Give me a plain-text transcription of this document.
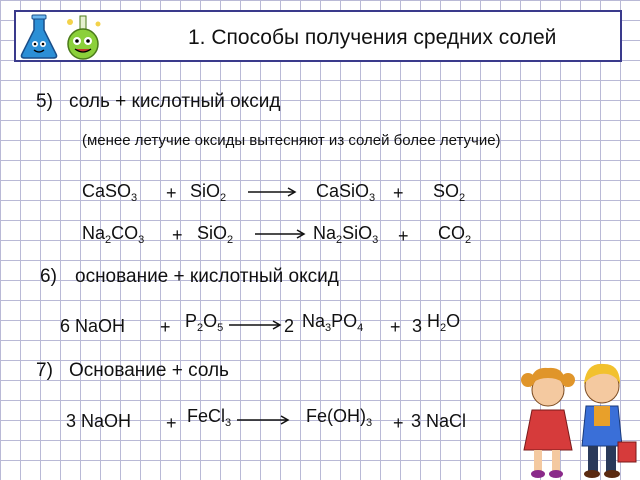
1. Способы получения средних солей
5) соль + кислотный оксид
(менее летучие оксиды вытесняют из солей более летучие)
CaSO$_3$ + SiO$_2$ → CaSiO$_3$ + $SO_2$
$Na_2CO_3 + SiO_2 \to Na_2SiO_3 + CO_2$
6) основание + кислотный оксид
6 NaOH + $P_2O_5 \to 2$ $Na_3PO_4 + 3$ $H_2O$
7) Основание + соль
3 NaOH + FeCl$_3$ → $Fe(OH)_3 + 3$ NaCl
